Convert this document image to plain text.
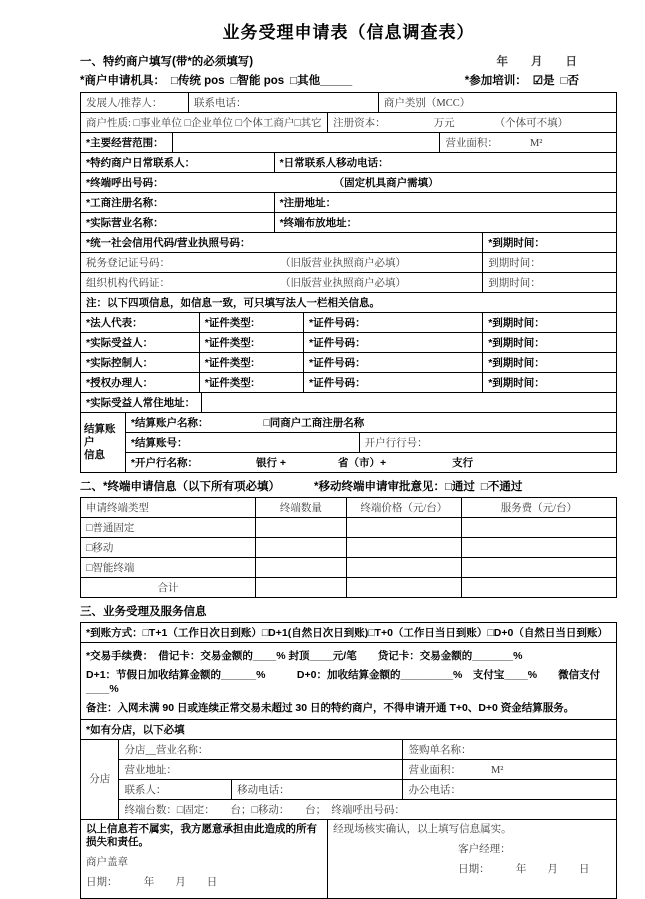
业务受理申请表（信息调查表）
一、特约商户填写(带*的必须填写)	年　　月　　日
*商户申请机具： □传统 pos □智能 pos □其他_____	*参加培训： ☑是 □否
发展人/推荐人：	联系电话：	商户类别（MCC）
商户性质: □事业单位 □企业单位 □个体工商户□其它	注册资本：	万元	（个体可不填）
*主要经营范围：	营业面积：	M²
*特约商户日常联系人：	*日常联系人移动电话：
*终端呼出号码：	（固定机具商户需填）
*工商注册名称：	*注册地址：
*实际营业名称：	*终端布放地址：
*统一社会信用代码/营业执照号码：	*到期时间：
税务登记证号码：	（旧版营业执照商户必填）	到期时间：
组织机构代码证：	（旧版营业执照商户必填）	到期时间：
注：以下四项信息，如信息一致，可只填写法人一栏相关信息。
*法人代表：	*证件类型:	*证件号码：	*到期时间：
*实际受益人：	*证件类型:	*证件号码：	*到期时间：
*实际控制人：	*证件类型:	*证件号码：	*到期时间：
*授权办理人：	*证件类型:	*证件号码：	*到期时间：
*实际受益人常住地址：
结算账户
信息
*结算账户名称：	□同商户工商注册名称
*结算账号：	开户行行号：
*开户行名称：	银行 +	省（市）+	支行
二、*终端申请信息（以下所有项必填）	*移动终端申请审批意见： □通过 □不通过
申请终端类型	终端数量	终端价格（元/台）	服务费（元/台）
□普通固定
□移动
□智能终端
合计
三、业务受理及服务信息
*到账方式：□T+1（工作日次日到账）□D+1(自然日次日到账)□T+0（工作日当日到账）□D+0（自然日当日到账）

*交易手续费：　借记卡：交易金额的____% 封顶____元/笔　　贷记卡：交易金额的_______%

D+1：节假日加收结算金额的______%　　　D+0：加收结算金额的_________%　支付宝____%　　微信支付____%

备注：入网未满 90 日或连续正常交易未超过 30 日的特约商户，不得申请开通 T+0、D+0 资金结算服务。

*如有分店，以下必填
分店
分店__营业名称：	签购单名称：
营业地址：	营业面积：	M²
联系人：	移动电话：	办公电话：
终端台数：□固定：　　台；□移动：　　台；　终端呼出号码：

以上信息若不属实，我方愿意承担由此造成的所有损失和责任。

商户盖章

日期：　　　年　　月　　日

经现场核实确认，以上填写信息属实。

客户经理：

日期：　　　年　　月　　日
